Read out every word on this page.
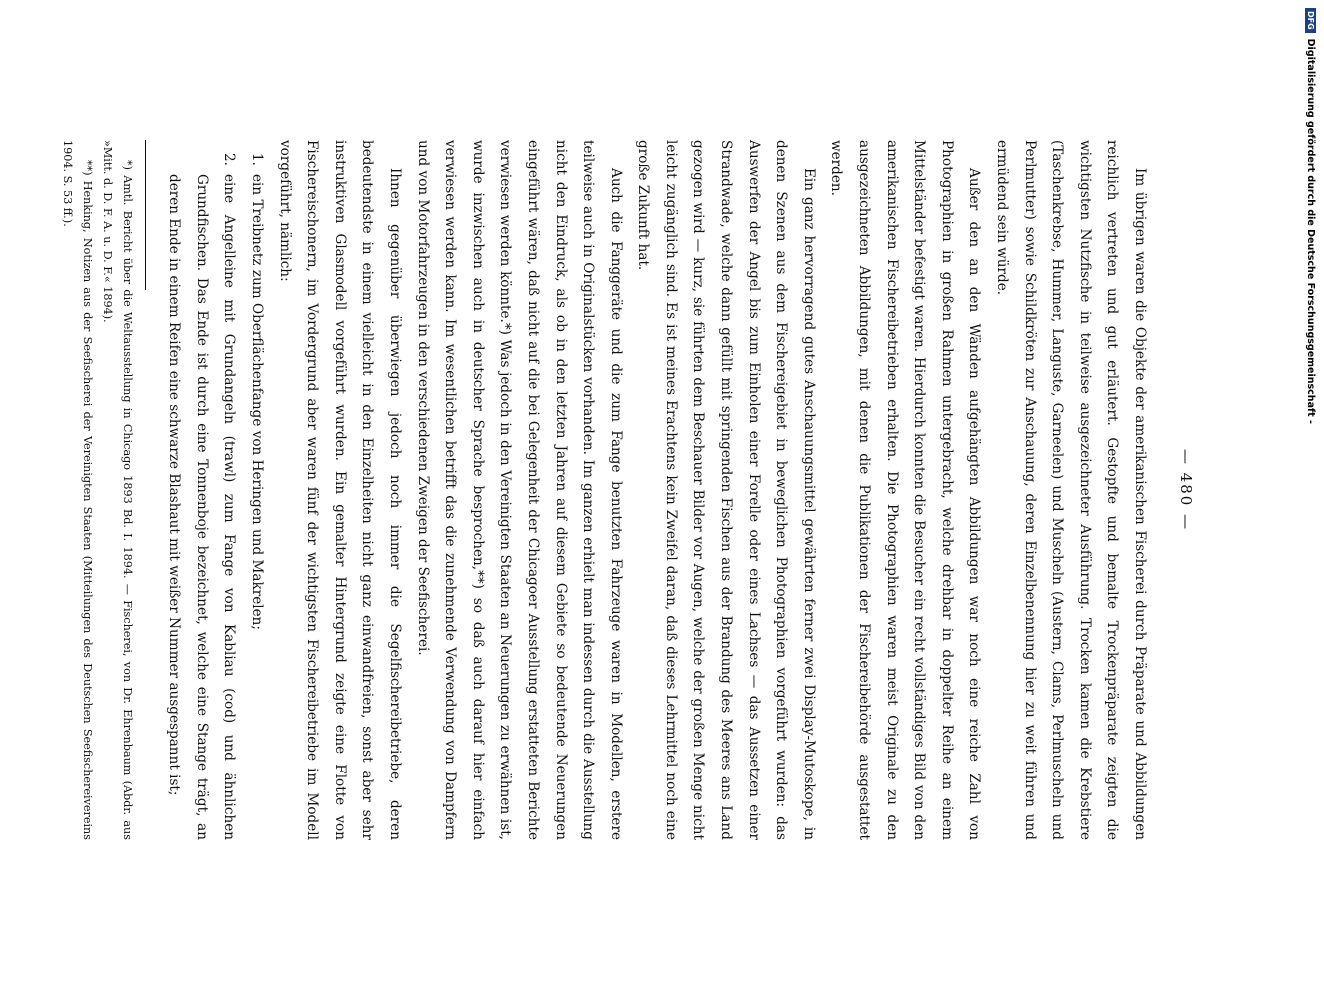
— 480 —

Im übrigen waren die Objekte der amerikanischen Fischerei durch Präparate und Abbildungen reichlich vertreten und gut erläutert. Gestopfte und bemalte Trockenpräparate zeigten die wichtigsten Nutzfische in teilweise ausgezeichneter Ausführung. Trocken kamen die Krebstiere (Taschenkrebse, Hummer, Languste, Garneelen) und Muscheln (Austern, Clams, Perlmuscheln und Perlmutter) sowie Schildkröten zur Anschauung, deren Einzelbenennung hier zu weit führen und ermüdend sein würde.

Außer den an den Wänden aufgehängten Abbildungen war noch eine reiche Zahl von Photographien in großen Rahmen untergebracht, welche drehbar in doppelter Reihe an einem Mittelständer befestigt waren. Hierdurch konnten die Besucher ein recht vollständiges Bild von den amerikanischen Fischereibetrieben erhalten. Die Photographien waren meist Originale zu den ausgezeichneten Abbildungen, mit denen die Publikationen der Fischereibehörde ausgestattet werden.

Ein ganz hervorragend gutes Anschauungsmittel gewährten ferner zwei Display-Mutoskope, in denen Szenen aus dem Fischereigebiet in beweglichen Photographien vorgeführt wurden: das Auswerfen der Angel bis zum Einholen einer Forelle oder eines Lachses — das Aussetzen einer Strandwade, welche dann gefüllt mit springenden Fischen aus der Brandung des Meeres ans Land gezogen wird — kurz, sie führten dem Beschauer Bilder vor Augen, welche der großen Menge nicht leicht zugänglich sind. Es ist meines Erachtens kein Zweifel daran, daß dieses Lehrmittel noch eine große Zukunft hat.

Auch die Fanggeräte und die zum Fange benutzten Fahrzeuge waren in Modellen, erstere teilweise auch in Originalstücken vorhanden. Im ganzen erhielt man indessen durch die Ausstellung nicht den Eindruck, als ob in den letzten Jahren auf diesem Gebiete so bedeutende Neuerungen eingeführt wären, daß nicht auf die bei Gelegenheit der Chicagoer Ausstellung erstatteten Berichte verwiesen werden könnte.*) Was jedoch in den Vereinigten Staaten an Neuerungen zu erwähnen ist, wurde inzwischen auch in deutscher Sprache besprochen,**) so daß auch darauf hier einfach verwiesen werden kann. Im wesentlichen betrifft das die zunehmende Verwendung von Dampfern und von Motorfahrzeugen in den verschiedenen Zweigen der Seefischerei.

Ihnen gegenüber überwiegen jedoch noch immer die Segelfischereibetriebe, deren bedeutendste in einem vielleicht in den Einzelheiten nicht ganz einwandfreien, sonst aber sehr instruktiven Glasmodell vorgeführt wurden. Ein gemalter Hintergrund zeigte eine Flotte von Fischereischonern, im Vordergrund aber waren fünf der wichtigsten Fischereibetriebe im Modell vorgeführt, nämlich:

1.
ein Treibnetz zum Oberflächenfange von Heringen und Makrelen;
2.
eine Angelleine mit Grundangeln (trawl) zum Fange von Kabliau (cod) und ähnlichen Grundfischen. Das Ende ist durch eine Tonnenboje bezeichnet, welche eine Stange trägt, an deren Ende in einem Reifen eine schwarze Blashaut mit weißer Nummer ausgespannt ist;

*) Amtl. Bericht über die Weltausstellung in Chicago 1893 Bd. I. 1894. — Fischerei, von Dr. Ehrenbaum (Abdr. aus »Mitt. d. D. F. A. u. D. F.« 1894).

**) Henking, Notizen aus der Seefischerei der Vereinigten Staaten (Mitteilungen des Deutschen Seefischereivereins 1904. S. 53 ff.).

DFG
Digitalisierung gefördert durch die Deutsche Forschungsgemeinschaft -
